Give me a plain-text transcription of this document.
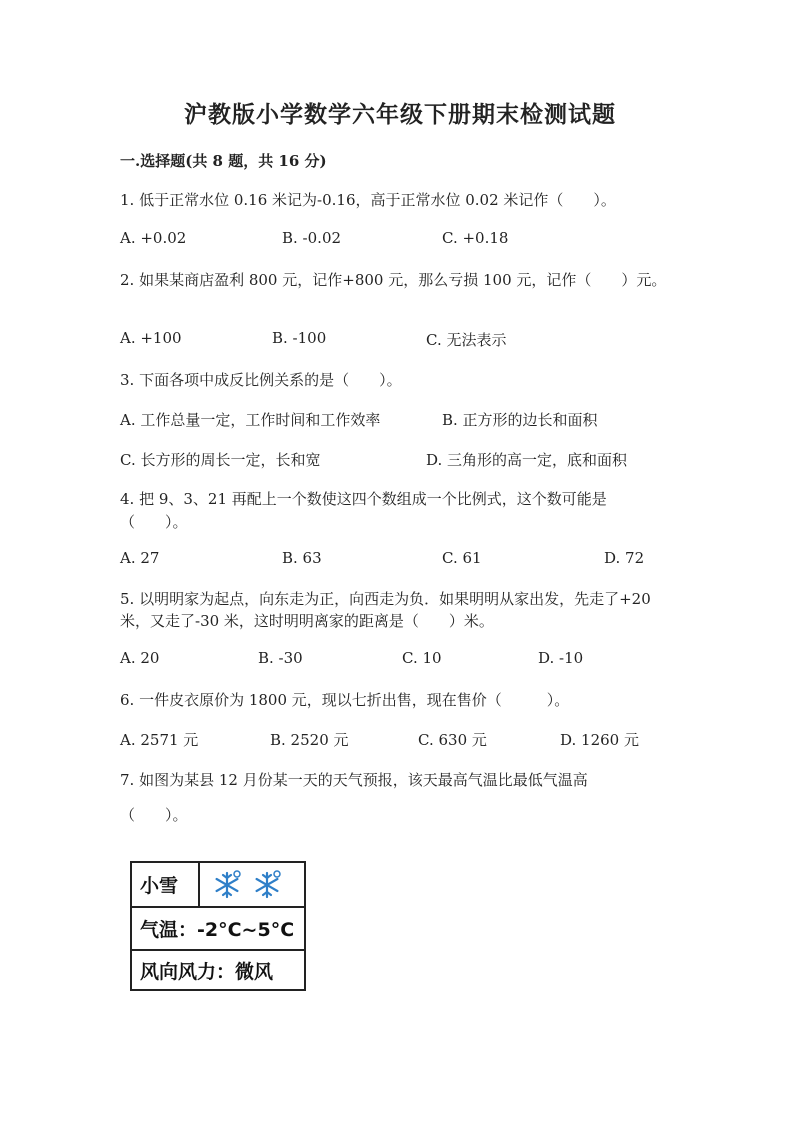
沪教版小学数学六年级下册期末检测试题
一.选择题(共 8 题，共 16 分)
1. 低于正常水位 0.16 米记为-0.16，高于正常水位 0.02 米记作（　　）。
A. +0.02	B. -0.02	C. +0.18
2. 如果某商店盈利 800 元，记作+800 元，那么亏损 100 元，记作（　　）元。
A. +100	B. -100	C. 无法表示
3. 下面各项中成反比例关系的是（　　）。
A. 工作总量一定，工作时间和工作效率	B. 正方形的边长和面积
C. 长方形的周长一定，长和宽	D. 三角形的高一定，底和面积
4. 把 9、3、21 再配上一个数使这四个数组成一个比例式，这个数可能是
（　　）。
A. 27	B. 63	C. 61	D. 72
5. 以明明家为起点，向东走为正，向西走为负．如果明明从家出发，先走了+20
米，又走了-30 米，这时明明离家的距离是（　　）米。
A. 20	B. -30	C. 10	D. -10
6. 一件皮衣原价为 1800 元，现以七折出售，现在售价（　　　）。
A. 2571 元	B. 2520 元	C. 630 元	D. 1260 元
7. 如图为某县 12 月份某一天的天气预报，该天最高气温比最低气温高
（　　）。
小雪
气温：-2°C~5°C
风向风力：微风
